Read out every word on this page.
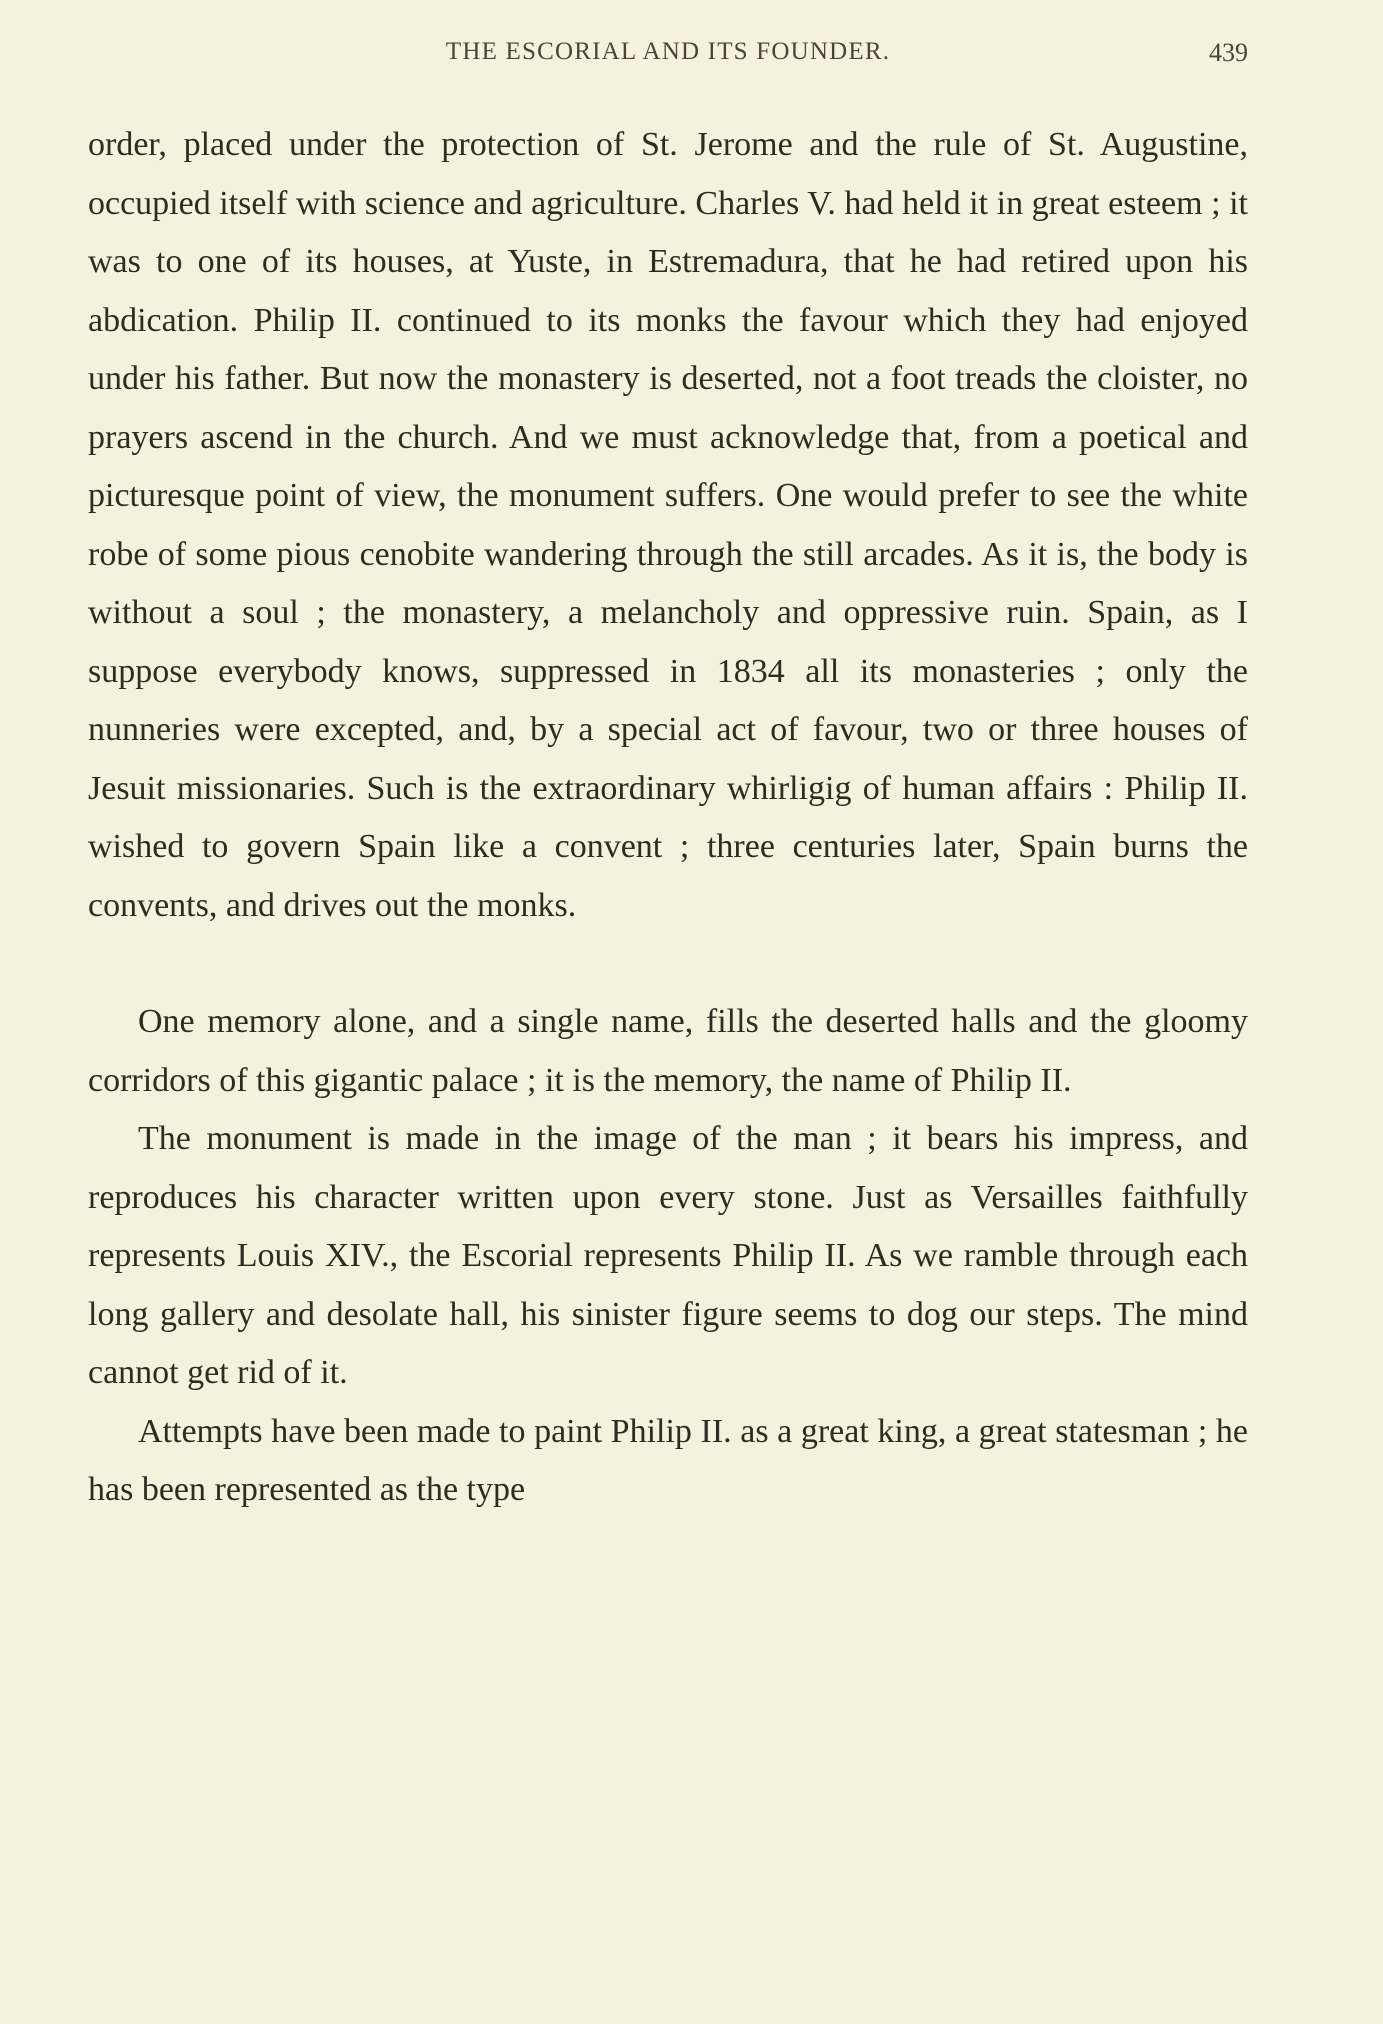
THE ESCORIAL AND ITS FOUNDER.	439

order, placed under the protection of St. Jerome and the rule of St. Augustine, occupied itself with science and agriculture. Charles V. had held it in great esteem ; it was to one of its houses, at Yuste, in Estremadura, that he had retired upon his abdication. Philip II. continued to its monks the favour which they had enjoyed under his father. But now the monastery is deserted, not a foot treads the cloister, no prayers ascend in the church. And we must acknowledge that, from a poetical and picturesque point of view, the monument suffers. One would prefer to see the white robe of some pious cenobite wandering through the still arcades. As it is, the body is without a soul ; the monastery, a melancholy and oppressive ruin. Spain, as I suppose everybody knows, suppressed in 1834 all its monasteries ; only the nunneries were excepted, and, by a special act of favour, two or three houses of Jesuit missionaries. Such is the extraordinary whirligig of human affairs : Philip II. wished to govern Spain like a convent ; three centuries later, Spain burns the convents, and drives out the monks.

One memory alone, and a single name, fills the deserted halls and the gloomy corridors of this gigantic palace ; it is the memory, the name of Philip II.

The monument is made in the image of the man ; it bears his impress, and reproduces his character written upon every stone. Just as Versailles faithfully represents Louis XIV., the Escorial represents Philip II. As we ramble through each long gallery and desolate hall, his sinister figure seems to dog our steps. The mind cannot get rid of it.

Attempts have been made to paint Philip II. as a great king, a great statesman ; he has been represented as the type
